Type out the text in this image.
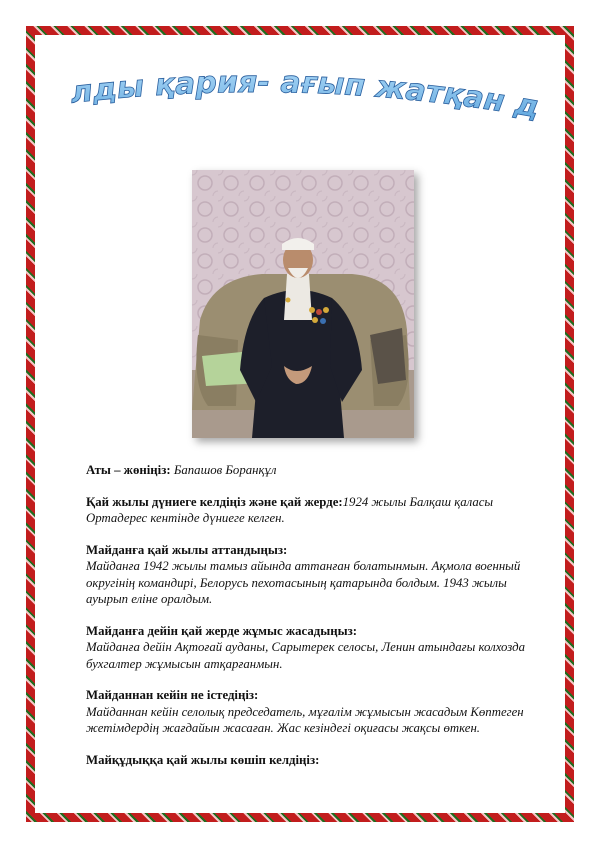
лды қария- ағып жатқан д
Аты – жөніңіз: Бапашов Боранқұл
Қай жылы дүниеге келдіңіз және қай жерде:1924 жылы Балқаш қаласы Ортадерес кентінде дүниеге келген.
Майданға қай жылы аттандыңыз:
Майданға 1942 жылы тамыз айында аттанған болатынмын. Ақмола военный округінің командирі, Белорусь пехотасының қатарында болдым. 1943 жылы ауырып еліне оралдым.
Майданға дейін қай жерде жұмыс жасадыңыз:
Майданға дейін Ақтоғай ауданы, Сарытерек селосы, Ленин атындағы колхозда бухгалтер жұмысын атқарғанмын.
Майданнан кейін не істедіңіз:
Майданнан кейін селолық председатель, мұғалім жұмысын жасадым Көптеген жетімдердің жағдайын жасаған. Жас кезіндегі оқиғасы жақсы өткен.
Майқұдыққа қай жылы көшіп келдіңіз:
